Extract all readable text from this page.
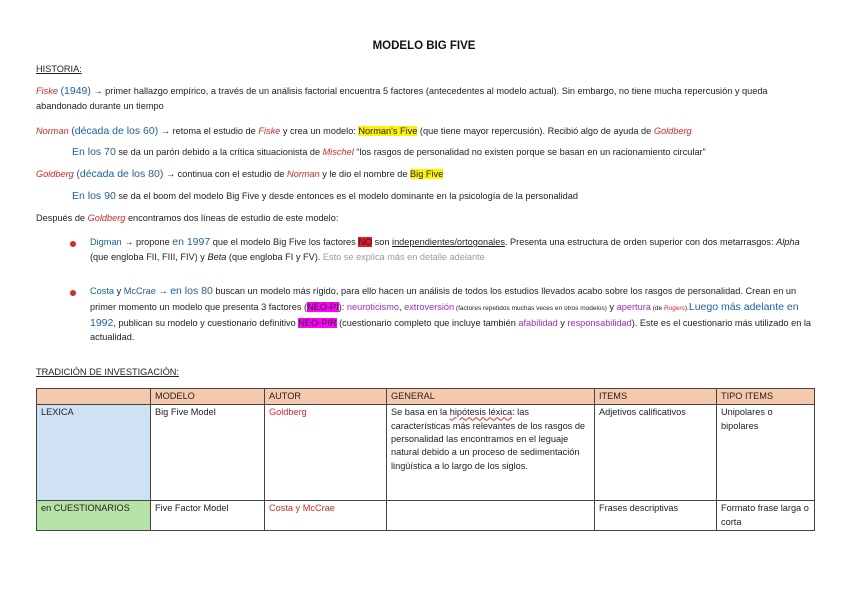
MODELO BIG FIVE
HISTORIA:
Fiske (1949) → primer hallazgo empírico, a través de un análisis factorial encuentra 5 factores (antecedentes al modelo actual). Sin embargo, no tiene mucha repercusión y queda abandonado durante un tiempo
Norman (década de los 60) → retoma el estudio de Fiske y crea un modelo: Norman's Five (que tiene mayor repercusión). Recibió algo de ayuda de Goldberg
En los 70 se da un parón debido a la crítica situacionista de Mischel “los rasgos de personalidad no existen porque se basan en un racionamiento circular”
Goldberg (década de los 80) → continua con el estudio de Norman y le dio el nombre de Big Five
En los 90 se da el boom del modelo Big Five y desde entonces es el modelo dominante en la psicología de la personalidad
Después de Goldberg encontramos dos líneas de estudio de este modelo:
Digman → propone en 1997 que el modelo Big Five los factores NO son independientes/ortogonales. Presenta una estructura de orden superior con dos metarrasgos: Alpha (que engloba FII, FIII, FIV) y Beta (que engloba FI y FV). Esto se explica más en detalle adelante
Costa y McCrae → en los 80 buscan un modelo más rígido, para ello hacen un análisis de todos los estudios llevados acabo sobre los rasgos de personalidad. Crean en un primer momento un modelo que presenta 3 factores (NEO-PI): neuroticismo, extroversión (factores repetidos muchas veces en otros modelos) y apertura (de Rogers).Luego más adelante en 1992, publican su modelo y cuestionario definitivo NEO-PIR (cuestionario completo que incluye también afabilidad y responsabilidad). Este es el cuestionario más utilizado en la actualidad.
TRADICIÓN DE INVESTIGACIÓN:
	MODELO	AUTOR	GENERAL	ITEMS	TIPO ITEMS
LEXICA	Big Five Model	Goldberg	Se basa en la hipótesis léxica: las características más relevantes de los rasgos de personalidad las encontramos en el leguaje natural debido a un proceso de sedimentación lingüística a lo largo de los siglos.	Adjetivos calificativos	Unipolares o bipolares
en CUESTIONARIOS	Five Factor Model	Costa y McCrae		Frases descriptivas	Formato frase larga o corta
